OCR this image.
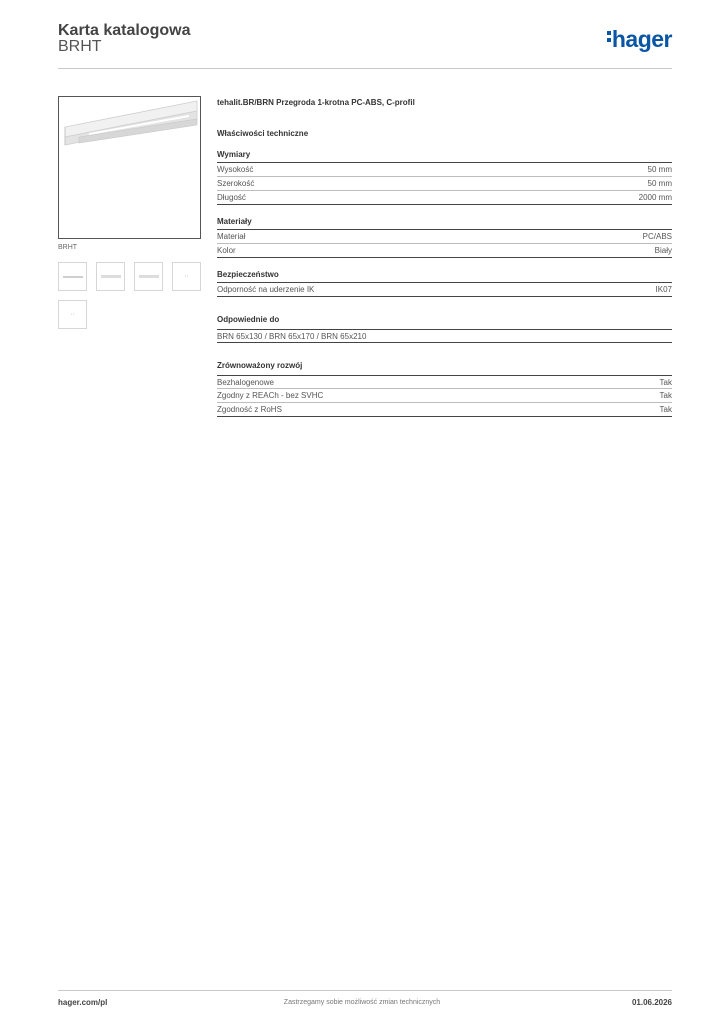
Karta katalogowa
BRHT	hager
BRHT
··
··
tehalit.BR/BRN Przegroda 1-krotna PC-ABS, C-profil
Właściwości techniczne
Wymiary
Wysokość	50 mm
Szerokość	50 mm
Długość	2000 mm
Materiały
Materiał	PC/ABS
Kolor	Biały
Bezpieczeństwo
Odporność na uderzenie IK	IK07
Odpowiednie do
BRN 65x130 / BRN 65x170 / BRN 65x210
Zrównoważony rozwój
Bezhalogenowe	Tak
Zgodny z REACh - bez SVHC	Tak
Zgodność z RoHS	Tak
hager.com/pl	Zastrzegamy sobie możliwość zmian technicznych	01.06.2026
